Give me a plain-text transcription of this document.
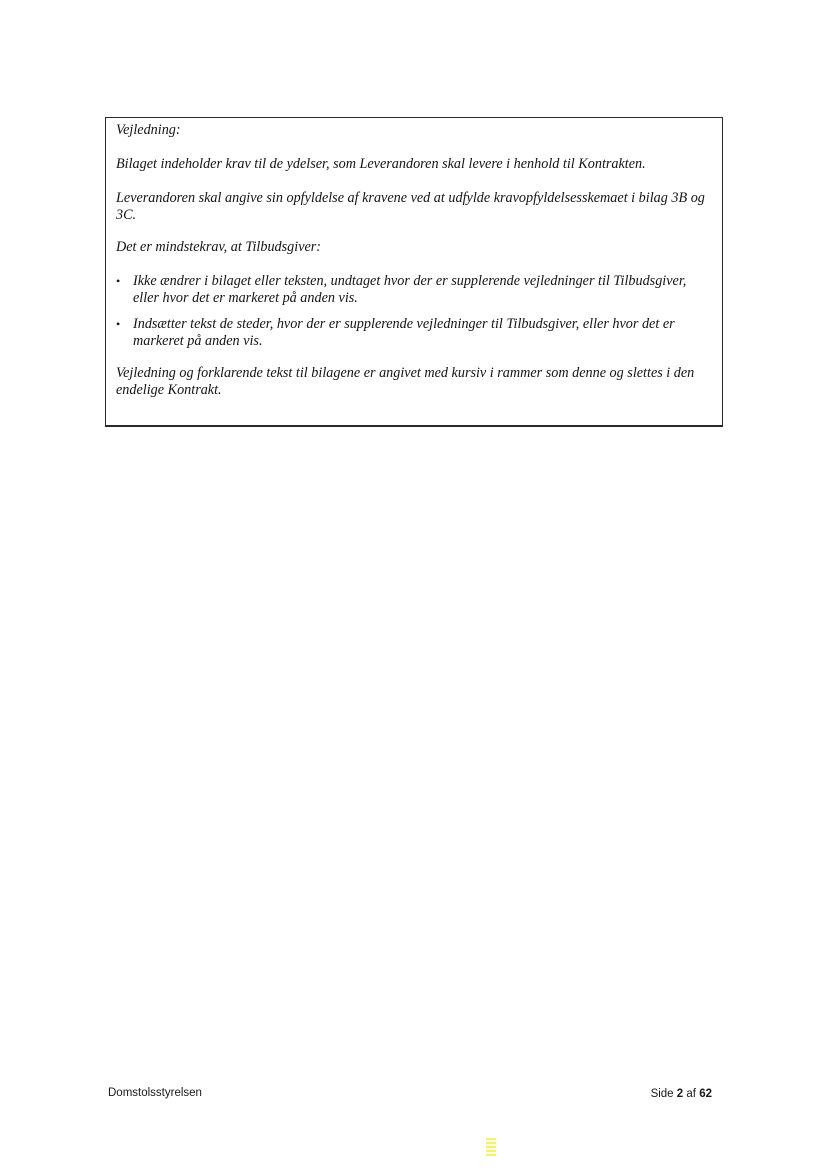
Vejledning:

Bilaget indeholder krav til de ydelser, som Leverandoren skal levere i henhold til Kontrakten.

Leverandoren skal angive sin opfyldelse af kravene ved at udfylde kravopfyldelsesskemaet i bilag 3B og 3C.

Det er mindstekrav, at Tilbudsgiver:

• Ikke ændrer i bilaget eller teksten, undtaget hvor der er supplerende vejledninger til Tilbudsgiver, eller hvor det er markeret på anden vis.
• Indsætter tekst de steder, hvor der er supplerende vejledninger til Tilbudsgiver, eller hvor det er markeret på anden vis.

Vejledning og forklarende tekst til bilagene er angivet med kursiv i rammer som denne og slettes i den endelige Kontrakt.

Domstolsstyrelsen	Side 2 af 62
